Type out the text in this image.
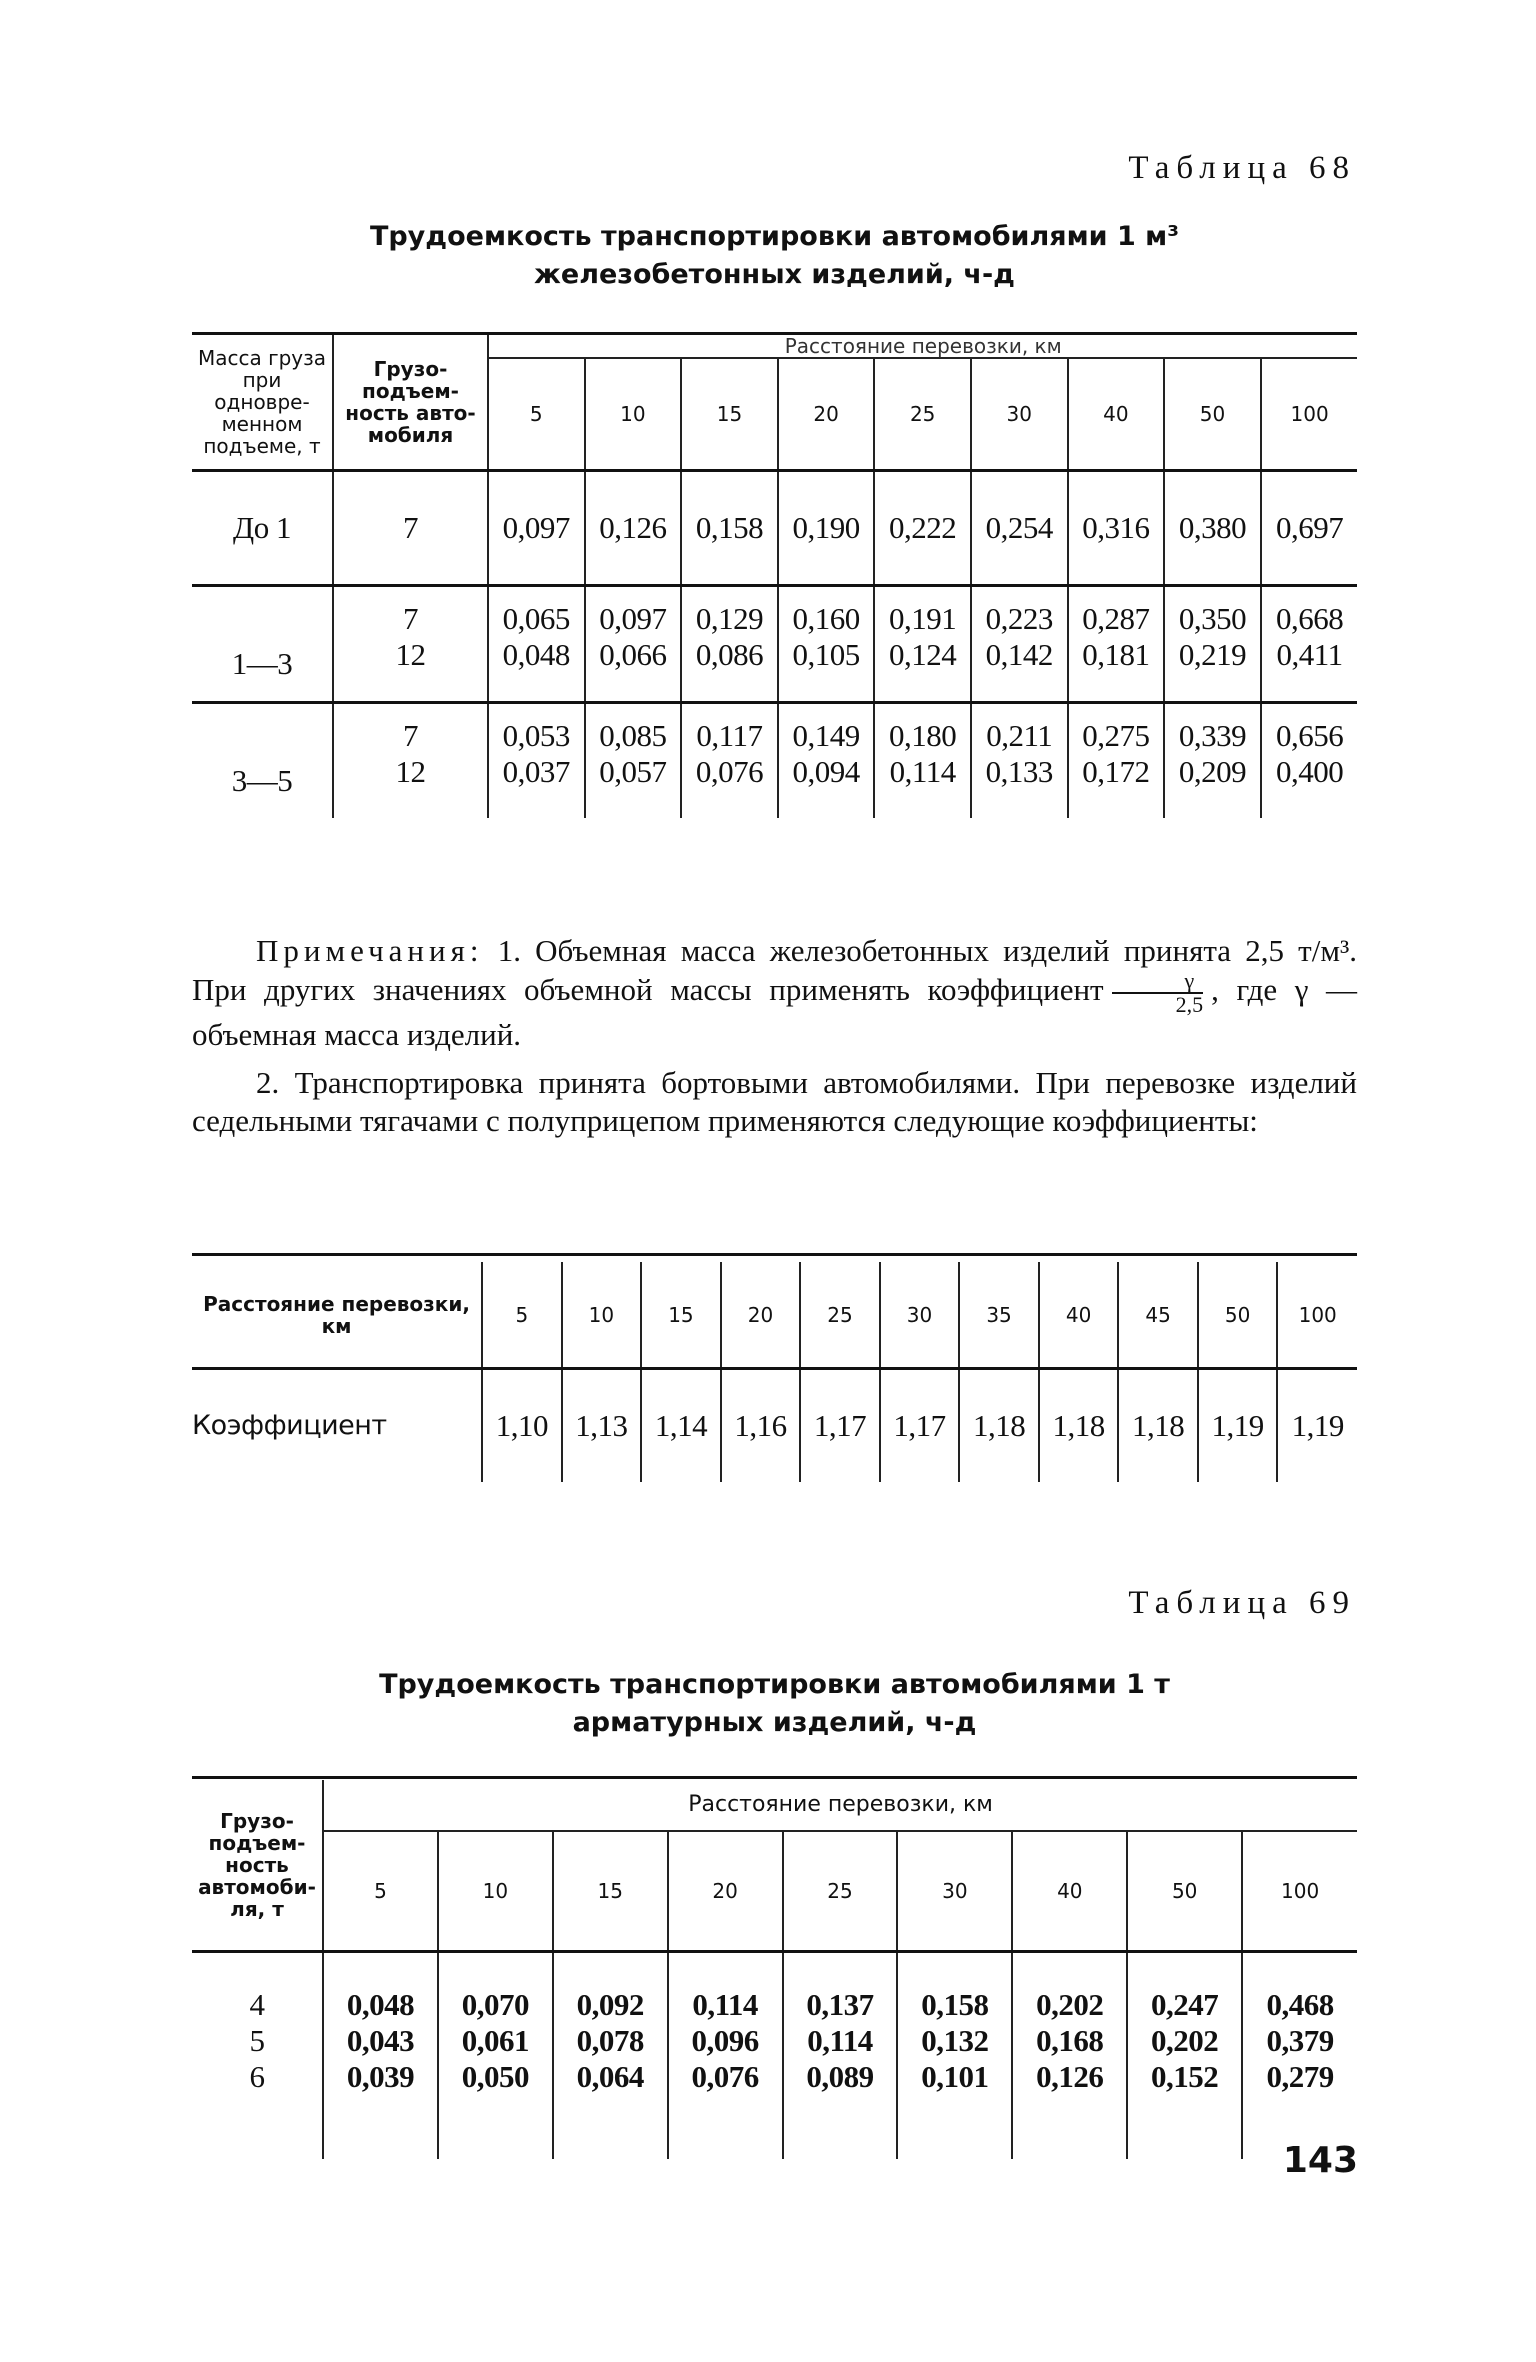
Таблица 68
Трудоемкость транспортировки автомобилями 1 м³
железобетонных изделий, ч-д
Масса груза при одновре-менном подъеме, т	Грузо-подъем-ность авто-мобиля	Расстояние перевозки, км								
		5	10	15	20	25	30	40	50	100
До 1	7	0,097	0,126	0,158	0,190	0,222	0,254	0,316	0,380	0,697
1—3	7	0,065	0,097	0,129	0,160	0,191	0,223	0,287	0,350	0,668
	12	0,048	0,066	0,086	0,105	0,124	0,142	0,181	0,219	0,411
3—5	7	0,053	0,085	0,117	0,149	0,180	0,211	0,275	0,339	0,656
	12	0,037	0,057	0,076	0,094	0,114	0,133	0,172	0,209	0,400

Примечания: 1. Объемная масса железобетонных изделий принята 2,5 т/м³. При других значениях объемной массы применять коэффициент $\frac{\gamma}{2,5}$ , где γ — объемная масса изделий.

2. Транспортировка принята бортовыми автомобилями. При перевозке изделий седельными тягачами с полуприцепом применяются следующие коэффициенты:

Расстояние перевозки, км	5	10	15	20	25	30	35	40	45	50	100
Коэффициент	1,10	1,13	1,14	1,16	1,17	1,17	1,18	1,18	1,18	1,19	1,19
Таблица 69
Трудоемкость транспортировки автомобилями 1 т
арматурных изделий, ч-д
Грузо-подъем-ность автомоби-ля, т	Расстояние перевозки, км								
	5	10	15	20	25	30	40	50	100
4	0,048	0,070	0,092	0,114	0,137	0,158	0,202	0,247	0,468
5	0,043	0,061	0,078	0,096	0,114	0,132	0,168	0,202	0,379
6	0,039	0,050	0,064	0,076	0,089	0,101	0,126	0,152	0,279
143
